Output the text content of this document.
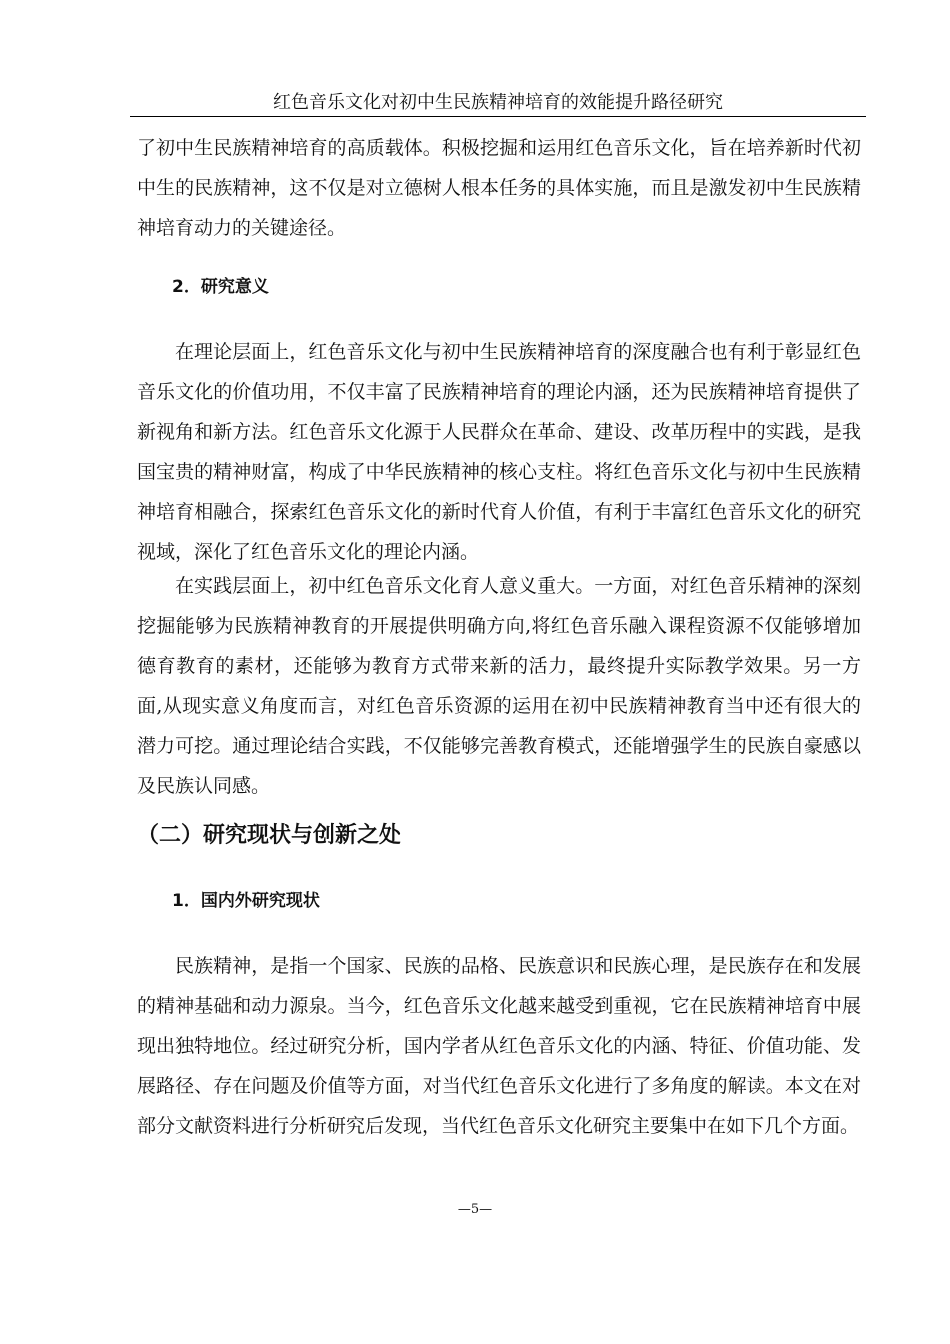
红色音乐文化对初中生民族精神培育的效能提升路径研究

了初中生民族精神培育的高质载体。积极挖掘和运用红色音乐文化，旨在培养新时代初中生的民族精神，这不仅是对立德树人根本任务的具体实施，而且是激发初中生民族精神培育动力的关键途径。

2．研究意义

在理论层面上，红色音乐文化与初中生民族精神培育的深度融合也有利于彰显红色音乐文化的价值功用，不仅丰富了民族精神培育的理论内涵，还为民族精神培育提供了新视角和新方法。红色音乐文化源于人民群众在革命、建设、改革历程中的实践，是我国宝贵的精神财富，构成了中华民族精神的核心支柱。将红色音乐文化与初中生民族精神培育相融合，探索红色音乐文化的新时代育人价值，有利于丰富红色音乐文化的研究视域，深化了红色音乐文化的理论内涵。

在实践层面上，初中红色音乐文化育人意义重大。一方面，对红色音乐精神的深刻挖掘能够为民族精神教育的开展提供明确方向,将红色音乐融入课程资源不仅能够增加德育教育的素材，还能够为教育方式带来新的活力，最终提升实际教学效果。另一方面,从现实意义角度而言，对红色音乐资源的运用在初中民族精神教育当中还有很大的潜力可挖。通过理论结合实践，不仅能够完善教育模式，还能增强学生的民族自豪感以及民族认同感。

（二）研究现状与创新之处

1．国内外研究现状

民族精神，是指一个国家、民族的品格、民族意识和民族心理，是民族存在和发展的精神基础和动力源泉。当今，红色音乐文化越来越受到重视，它在民族精神培育中展现出独特地位。经过研究分析，国内学者从红色音乐文化的内涵、特征、价值功能、发展路径、存在问题及价值等方面，对当代红色音乐文化进行了多角度的解读。本文在对部分文献资料进行分析研究后发现，当代红色音乐文化研究主要集中在如下几个方面。

—5—
